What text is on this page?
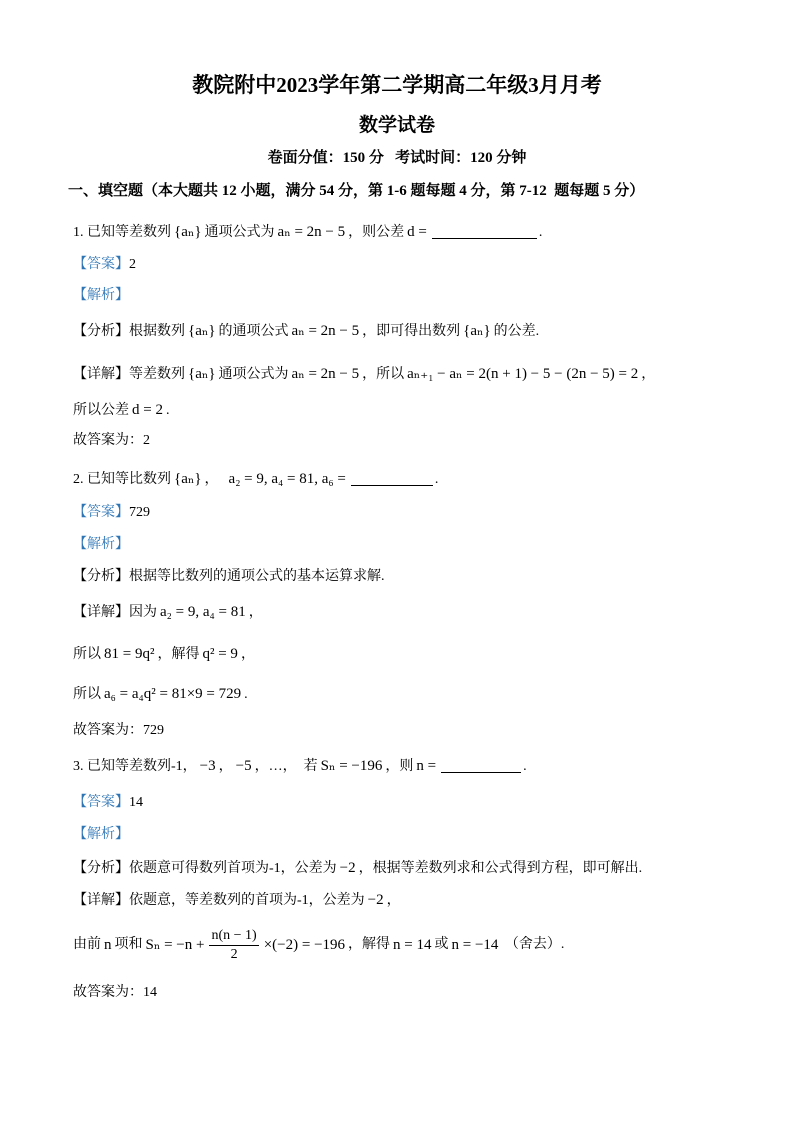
教院附中2023学年第二学期高二年级3月月考
数学试卷
卷面分值：150 分   考试时间：120 分钟
一、填空题（本大题共 12 小题，满分 54 分，第 1-6 题每题 4 分，第 7-12  题每题 5 分）
1. 已知等差数列 {aₙ} 通项公式为 aₙ = 2n − 5 ，则公差 d =	.
【答案】 2
【解析】
【分析】 根据数列 {aₙ} 的通项公式 aₙ = 2n − 5 ，即可得出数列 {aₙ} 的公差.
【详解】 等差数列 {aₙ} 通项公式为 aₙ = 2n − 5 ，所以 aₙ₊₁ − aₙ = 2(n + 1) − 5 − (2n − 5) = 2 ，
所以公差 d = 2 .
故答案为： 2
2. 已知等比数列 {aₙ} ， a₂ = 9, a₄ = 81, a₆ =	.
【答案】 729
【解析】
【分析】 根据等比数列的通项公式的基本运算求解.
【详解】 因为 a₂ = 9, a₄ = 81 ，
所以 81 = 9q² ，解得 q² = 9 ，
所以 a₆ = a₄q² = 81×9 = 729 .
故答案为： 729
3. 已知等差数列-1， −3 ， −5 ，…，  若 Sₙ = −196 ，则 n =	.
【答案】 14
【解析】
【分析】 依题意可得数列首项为-1，公差为 −2 ，根据等差数列求和公式得到方程，即可解出.
【详解】 依题意，等差数列的首项为-1，公差为 −2 ，
由前 n 项和 $S_n = -n + \frac{n(n - 1)}{2} \times(-2) = -196$ ，解得 n = 14 或 n = −14 （舍去）.
故答案为： 14
